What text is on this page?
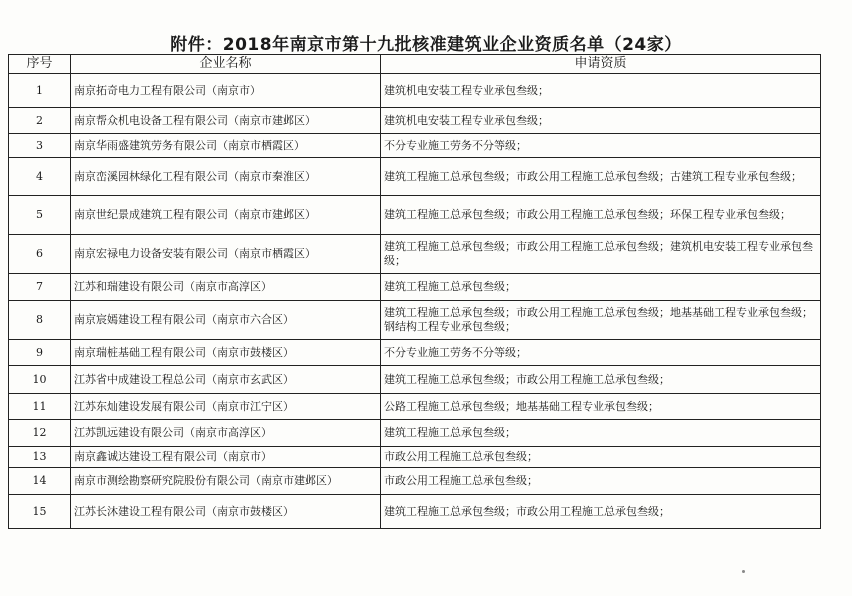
附件：2018年南京市第十九批核准建筑业企业资质名单（24家）
序号	企业名称	申请资质
1	南京拓奇电力工程有限公司（南京市）	建筑机电安装工程专业承包叁级；
2	南京帮众机电设备工程有限公司（南京市建邺区）	建筑机电安装工程专业承包叁级；
3	南京华雨盛建筑劳务有限公司（南京市栖霞区）	不分专业施工劳务不分等级；
4	南京峦溪园林绿化工程有限公司（南京市秦淮区）	建筑工程施工总承包叁级；市政公用工程施工总承包叁级；古建筑工程专业承包叁级；
5	南京世纪景成建筑工程有限公司（南京市建邺区）	建筑工程施工总承包叁级；市政公用工程施工总承包叁级；环保工程专业承包叁级；
6	南京宏禄电力设备安装有限公司（南京市栖霞区）	建筑工程施工总承包叁级；市政公用工程施工总承包叁级；建筑机电安装工程专业承包叁级；
7	江苏和瑞建设有限公司（南京市高淳区）	建筑工程施工总承包叁级；
8	南京宸嫣建设工程有限公司（南京市六合区）	建筑工程施工总承包叁级；市政公用工程施工总承包叁级；地基基础工程专业承包叁级；钢结构工程专业承包叁级；
9	南京瑞桩基础工程有限公司（南京市鼓楼区）	不分专业施工劳务不分等级；
10	江苏省中成建设工程总公司（南京市玄武区）	建筑工程施工总承包叁级；市政公用工程施工总承包叁级；
11	江苏东灿建设发展有限公司（南京市江宁区）	公路工程施工总承包叁级；地基基础工程专业承包叁级；
12	江苏凯远建设有限公司（南京市高淳区）	建筑工程施工总承包叁级；
13	南京鑫诚达建设工程有限公司（南京市）	市政公用工程施工总承包叁级；
14	南京市测绘勘察研究院股份有限公司（南京市建邺区）	市政公用工程施工总承包叁级；
15	江苏长沐建设工程有限公司（南京市鼓楼区）	建筑工程施工总承包叁级；市政公用工程施工总承包叁级；
